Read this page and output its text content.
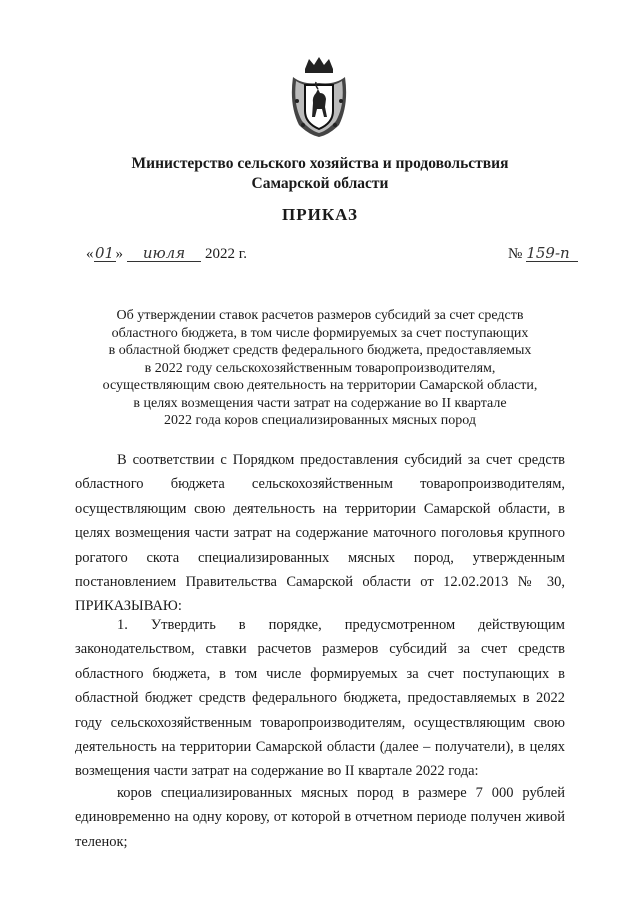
Министерство сельского хозяйства и продовольствия
Самарской области
ПРИКАЗ
«01» июля 2022 г.	№ 159-п
Об утверждении ставок расчетов размеров субсидий за счет средств
областного бюджета, в том числе формируемых за счет поступающих
в областной бюджет средств федерального бюджета, предоставляемых
в 2022 году сельскохозяйственным товаропроизводителям,
осуществляющим свою деятельность на территории Самарской области,
в целях возмещения части затрат на содержание во II квартале
2022 года коров специализированных мясных пород
В соответствии с Порядком предоставления субсидий за счет средств областного бюджета сельскохозяйственным товаропроизводителям, осуществляющим свою деятельность на территории Самарской области, в целях возмещения части затрат на содержание маточного поголовья крупного рогатого скота специализированных мясных пород, утвержденным постановлением Правительства Самарской области от 12.02.2013 № 30, ПРИКАЗЫВАЮ:
1. Утвердить в порядке, предусмотренном действующим законодательством, ставки расчетов размеров субсидий за счет средств областного бюджета, в том числе формируемых за счет поступающих в областной бюджет средств федерального бюджета, предоставляемых в 2022 году сельскохозяйственным товаропроизводителям, осуществляющим свою деятельность на территории Самарской области (далее – получатели), в целях возмещения части затрат на содержание во II квартале 2022 года:
коров специализированных мясных пород в размере 7 000 рублей единовременно на одну корову, от которой в отчетном периоде получен живой теленок;
